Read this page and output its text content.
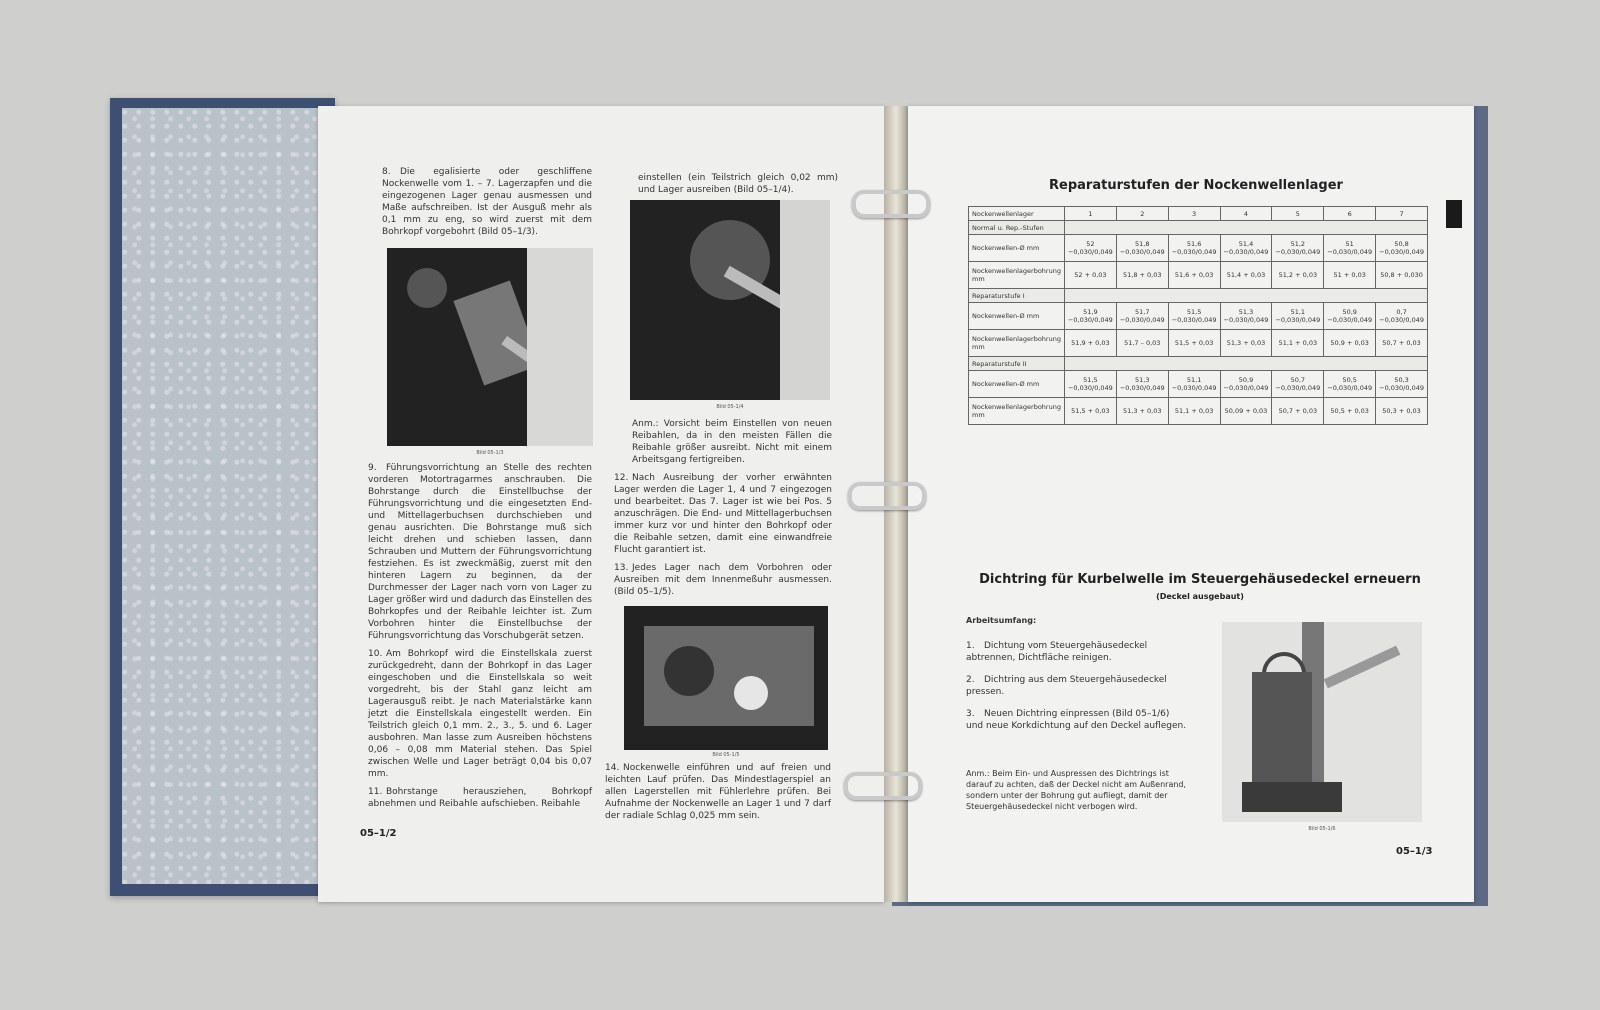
8. Die egalisierte oder geschliffene Nockenwelle vom 1. – 7. Lagerzapfen und die eingezogenen Lager genau ausmessen und Maße aufschreiben. Ist der Ausguß mehr als 0,1 mm zu eng, so wird zuerst mit dem Bohrkopf vorgebohrt (Bild 05–1/3).

Bild 05-1/3

9. Führungsvorrichtung an Stelle des rechten vorderen Motortragarmes anschrauben. Die Bohrstange durch die Einstellbuchse der Führungsvorrichtung und die eingesetzten End- und Mittellagerbuchsen durchschieben und genau ausrichten. Die Bohrstange muß sich leicht drehen und schieben lassen, dann Schrauben und Muttern der Führungsvorrichtung festziehen. Es ist zweckmäßig, zuerst mit den hinteren Lagern zu beginnen, da der Durchmesser der Lager nach vorn von Lager zu Lager größer wird und dadurch das Einstellen des Bohrkopfes und der Reibahle leichter ist. Zum Vorbohren hinter die Einstellbuchse der Führungsvorrichtung das Vorschubgerät setzen.

10. Am Bohrkopf wird die Einstellskala zuerst zurückgedreht, dann der Bohrkopf in das Lager eingeschoben und die Einstellskala so weit vorgedreht, bis der Stahl ganz leicht am Lagerausguß reibt. Je nach Materialstärke kann jetzt die Einstellskala eingestellt werden. Ein Teilstrich gleich 0,1 mm. 2., 3., 5. und 6. Lager ausbohren. Man lasse zum Ausreiben höchstens 0,06 – 0,08 mm Material stehen. Das Spiel zwischen Welle und Lager beträgt 0,04 bis 0,07 mm.

11. Bohrstange herausziehen, Bohrkopf abnehmen und Reibahle aufschieben. Reibahle

einstellen (ein Teilstrich gleich 0,02 mm) und Lager ausreiben (Bild 05–1/4).

Bild 05-1/4

Anm.: Vorsicht beim Einstellen von neuen Reibahlen, da in den meisten Fällen die Reibahle größer ausreibt. Nicht mit einem Arbeitsgang fertigreiben.

12. Nach Ausreibung der vorher erwähnten Lager werden die Lager 1, 4 und 7 eingezogen und bearbeitet. Das 7. Lager ist wie bei Pos. 5 anzuschrägen. Die End- und Mittellagerbuchsen immer kurz vor und hinter den Bohrkopf oder die Reibahle setzen, damit eine einwandfreie Flucht garantiert ist.

13. Jedes Lager nach dem Vorbohren oder Ausreiben mit dem Innenmeßuhr ausmessen. (Bild 05–1/5).

Bild 05-1/5

14. Nockenwelle einführen und auf freien und leichten Lauf prüfen. Das Mindestlagerspiel an allen Lagerstellen mit Fühlerlehre prüfen. Bei Aufnahme der Nockenwelle an Lager 1 und 7 darf der radiale Schlag 0,025 mm sein.

05–1/2
Reparaturstufen der Nockenwellenlager
Nockenwellenlager	1	2	3	4	5	6	7
Normal u. Rep.-Stufen							
Nockenwellen-Ø mm	52 −0,030/0,049	51,8 −0,030/0,049	51,6 −0,030/0,049	51,4 −0,030/0,049	51,2 −0,030/0,049	51 −0,030/0,049	50,8 −0,030/0,049
Nockenwellenlagerbohrung mm	52 + 0,03	51,8 + 0,03	51,6 + 0,03	51,4 + 0,03	51,2 + 0,03	51 + 0,03	50,8 + 0,030
Reparaturstufe I							
Nockenwellen-Ø mm	51,9 −0,030/0,049	51,7 −0,030/0,049	51,5 −0,030/0,049	51,3 −0,030/0,049	51,1 −0,030/0,049	50,9 −0,030/0,049	0,7 −0,030/0,049
Nockenwellenlagerbohrung mm	51,9 + 0,03	51,7 – 0,03	51,5 + 0,03	51,3 + 0,03	51,1 + 0,03	50,9 + 0,03	50,7 + 0,03
Reparaturstufe II							
Nockenwellen-Ø mm	51,5 −0,030/0,049	51,3 −0,030/0,049	51,1 −0,030/0,049	50,9 −0,030/0,049	50,7 −0,030/0,049	50,5 −0,030/0,049	50,3 −0,030/0,049
Nockenwellenlagerbohrung mm	51,5 + 0,03	51,3 + 0,03	51,1 + 0,03	50,09 + 0,03	50,7 + 0,03	50,5 + 0,03	50,3 + 0,03
Dichtring für Kurbelwelle im Steuergehäusedeckel erneuern
(Deckel ausgebaut)
Arbeitsumfang:

1. Dichtung vom Steuergehäusedeckel abtrennen, Dichtfläche reinigen.

2. Dichtring aus dem Steuergehäusedeckel pressen.

3. Neuen Dichtring einpressen (Bild 05–1/6) und neue Korkdichtung auf den Deckel auflegen.

Anm.: Beim Ein- und Auspressen des Dichtrings ist darauf zu achten, daß der Deckel nicht am Außenrand, sondern unter der Bohrung gut aufliegt, damit der Steuergehäusedeckel nicht verbogen wird.

Bild 05-1/6
05–1/3
